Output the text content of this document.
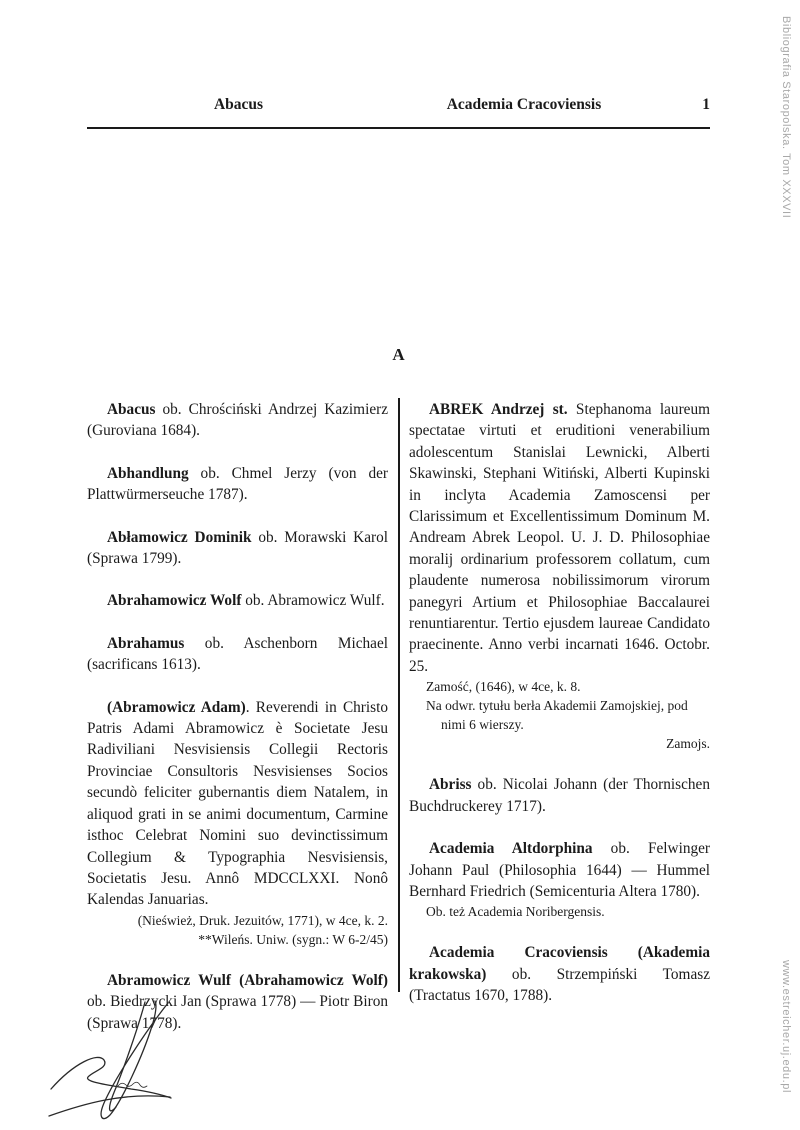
Abacus	Academia Cracoviensis	1
A

Abacus ob. Chrościński Andrzej Kazimierz (Guroviana 1684).

Abhandlung ob. Chmel Jerzy (von der Plattwürmerseuche 1787).

Abłamowicz Dominik ob. Morawski Karol (Sprawa 1799).

Abrahamowicz Wolf ob. Abramowicz Wulf.

Abrahamus ob. Aschenborn Michael (sacrificans 1613).

(Abramowicz Adam). Reverendi in Christo Patris Adami Abramowicz è Societate Jesu Radiviliani Nesvisiensis Collegii Rectoris Provinciae Consultoris Nesvisienses Socios secundò feliciter gubernantis diem Natalem, in aliquod grati in se animi documentum, Carmine isthoc Celebrat Nomini suo devinctissimum Collegium & Typographia Nesvisiensis, Societatis Jesu. Annô MDCCLXXI. Nonô Kalendas Januarias.

(Nieśwież, Druk. Jezuitów, 1771), w 4ce, k. 2.

**Wileńs. Uniw. (sygn.: W 6-2/45)

Abramowicz Wulf (Abrahamowicz Wolf) ob. Biedrzycki Jan (Sprawa 1778) — Piotr Biron (Sprawa 1778).

ABREK Andrzej st. Stephanoma laureum spectatae virtuti et eruditioni venerabilium adolescentum Stanislai Lewnicki, Alberti Skawinski, Stephani Witiński, Alberti Kupinski in inclyta Academia Zamoscensi per Clarissimum et Excellentissimum Dominum M. Andream Abrek Leopol. U. J. D. Philosophiae moralij ordinarium professorem collatum, cum plaudente numerosa nobilissimorum virorum panegyri Artium et Philosophiae Baccalaurei renuntiarentur. Tertio ejusdem laureae Candidato praecinente. Anno verbi incarnati 1646. Octobr. 25.

Zamość, (1646), w 4ce, k. 8.

Na odwr. tytułu berła Akademii Zamojskiej, pod nimi 6 wierszy.

Zamojs.

Abriss ob. Nicolai Johann (der Thornischen Buchdruckerey 1717).

Academia Altdorphina ob. Felwinger Johann Paul (Philosophia 1644) — Hummel Bernhard Friedrich (Semicenturia Altera 1780).

Ob. też Academia Noribergensis.

Academia Cracoviensis (Akademia krakowska) ob. Strzempiński Tomasz (Tractatus 1670, 1788).

Bibliografia Staropolska. Tom XXXVII
www.estreicher.uj.edu.pl
